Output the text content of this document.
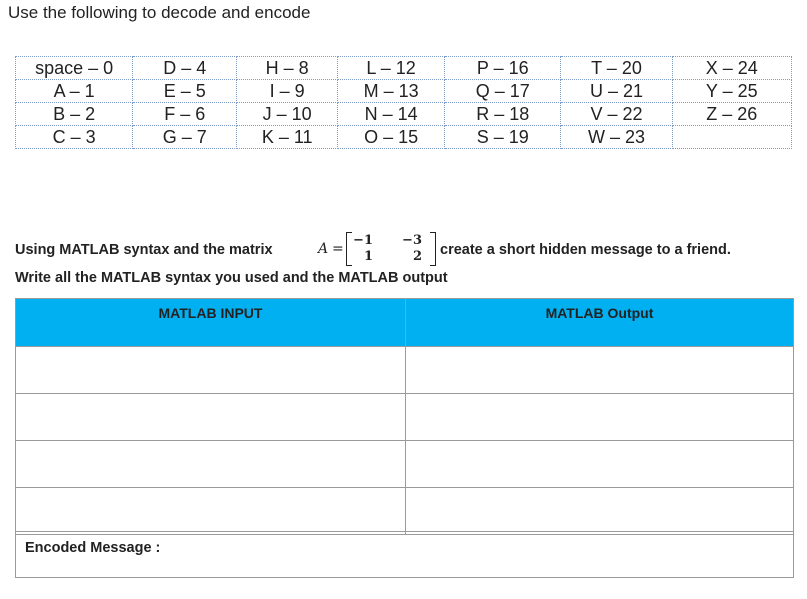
Use the following to decode and encode
space – 0	D – 4	H – 8	L – 12	P – 16	T – 20	X – 24
A – 1	E – 5	I – 9	M – 13	Q – 17	U – 21	Y – 25
B – 2	F – 6	J – 10	N – 14	R – 18	V – 22	Z – 26
C – 3	G – 7	K – 11	O – 15	S – 19	W – 23	
Using MATLAB syntax and the matrix	A =
−1 −3
1	2 create a short hidden message to a friend.
Write all the MATLAB syntax you used and the MATLAB output
MATLAB INPUT	MATLAB Output

Encoded Message :
